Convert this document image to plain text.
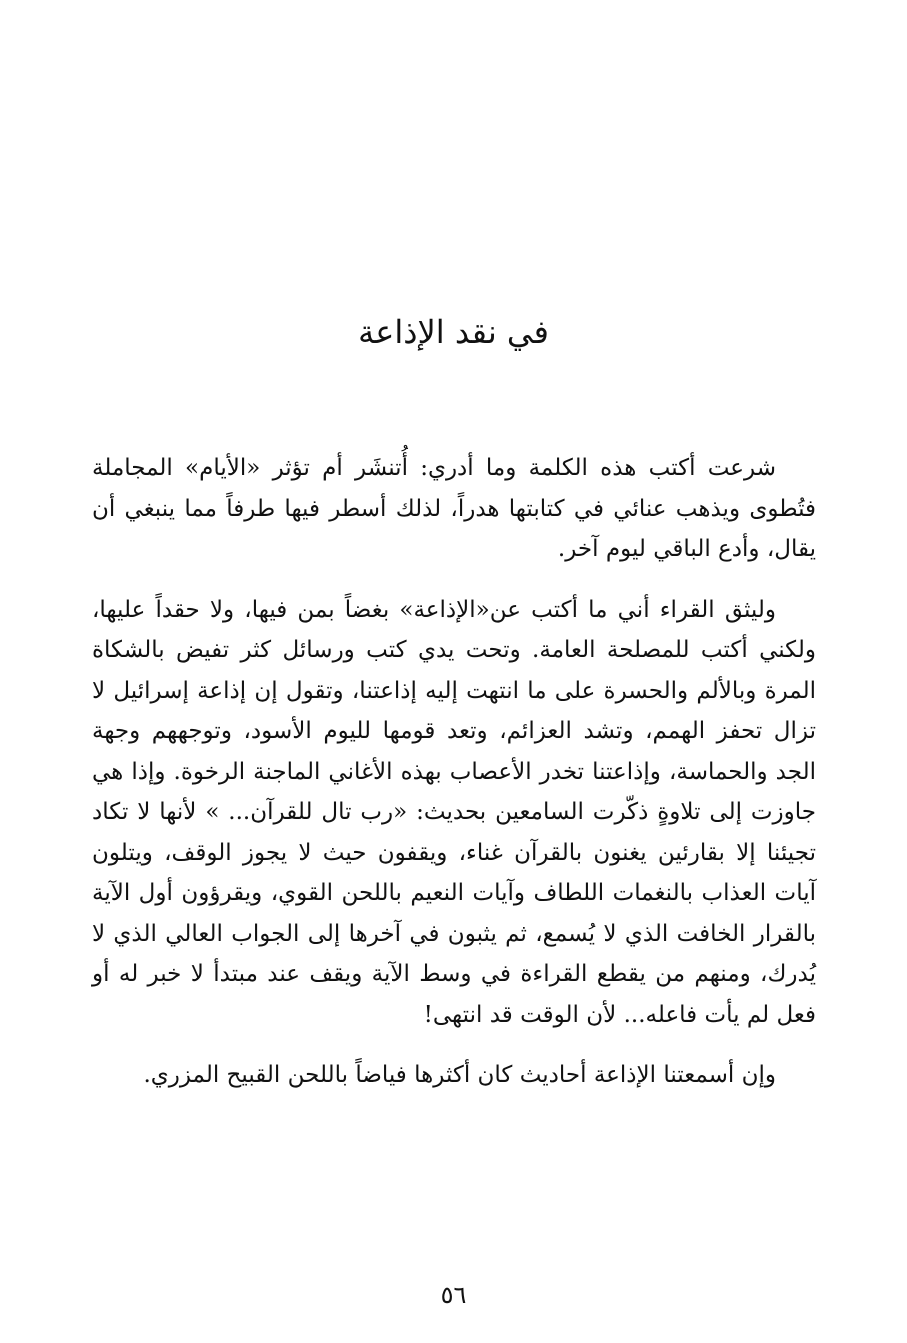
في نقد الإذاعة

شرعت أكتب هذه الكلمة وما أدري: أُتنشَر أم تؤثر «الأيام» المجاملة فتُطوى ويذهب عنائي في كتابتها هدراً، لذلك أسطر فيها طرفاً مما ينبغي أن يقال، وأدع الباقي ليوم آخر.

وليثق القراء أني ما أكتب عن«الإذاعة» بغضاً بمن فيها، ولا حقداً عليها، ولكني أكتب للمصلحة العامة. وتحت يدي كتب ورسائل كثر تفيض بالشكاة المرة وبالألم والحسرة على ما انتهت إليه إذاعتنا، وتقول إن إذاعة إسرائيل لا تزال تحفز الهمم، وتشد العزائم، وتعد قومها لليوم الأسود، وتوجههم وجهة الجد والحماسة، وإذاعتنا تخدر الأعصاب بهذه الأغاني الماجنة الرخوة. وإذا هي جاوزت إلى تلاوةٍ ذكّرت السامعين بحديث: «رب تال للقرآن... » لأنها لا تكاد تجيئنا إلا بقارئين يغنون بالقرآن غناء، ويقفون حيث لا يجوز الوقف، ويتلون آيات العذاب بالنغمات اللطاف وآيات النعيم باللحن القوي، ويقرؤون أول الآية بالقرار الخافت الذي لا يُسمع، ثم يثبون في آخرها إلى الجواب العالي الذي لا يُدرك، ومنهم من يقطع القراءة في وسط الآية ويقف عند مبتدأ لا خبر له أو فعل لم يأت فاعله... لأن الوقت قد انتهى!

وإن أسمعتنا الإذاعة أحاديث كان أكثرها فياضاً باللحن القبيح المزري.

٥٦
